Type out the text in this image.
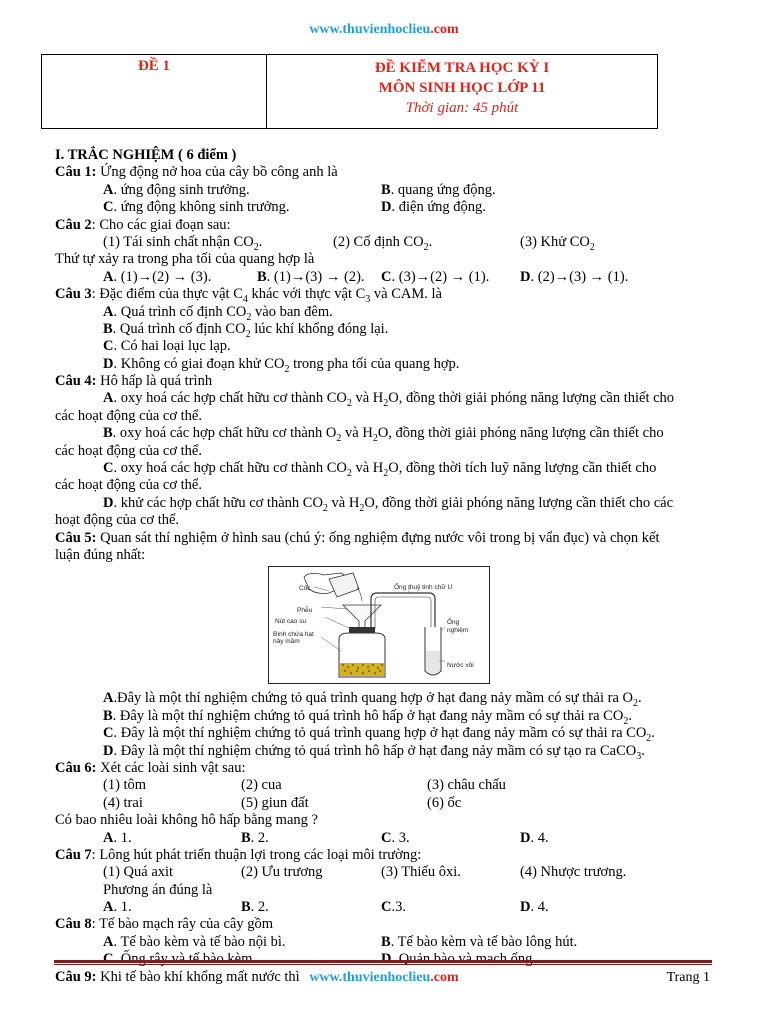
www.thuvienhoclieu.com
ĐỀ 1	ĐỀ KIỂM TRA HỌC KỲ I
MÔN SINH HỌC LỚP 11
Thời gian: 45 phút
I. TRẮC NGHIỆM ( 6 điểm )
Câu 1: Ứng động nở hoa của cây bồ công anh là
A. ứng động sinh trưởng.	B. quang ứng động.
C. ứng động không sinh trưởng.	D. điện ứng động.
Câu 2: Cho các giai đoạn sau:
(1) Tái sinh chất nhận $CO_2$.	(2) Cố định $CO_2$.	(3) Khử $CO_2$
Thứ tự xảy ra trong pha tối của quang hợp là
A. (1)→(2) → (3).	B. (1)→(3) → (2). C. (3)→(2) → (1). D. (2)→(3) → (1).
Câu 3: Đặc điểm của thực vật $C_4$ khác với thực vật $C_3$ và CAM. là
A. Quá trình cố định $CO_2$ vào ban đêm.
B. Quá trình cố định $CO_2$ lúc khí khổng đóng lại.
C. Có hai loại lục lạp.
D. Không có giai đoạn khử $CO_2$ trong pha tối của quang hợp.
Câu 4: Hô hấp là quá trình
A. oxy hoá các hợp chất hữu cơ thành $CO_2$ và $H_2O$, đồng thời giải phóng năng lượng cần thiết cho
các hoạt động của cơ thể.
B. oxy hoá các hợp chất hữu cơ thành $O_2$ và $H_2O$, đồng thời giải phóng năng lượng cần thiết cho
các hoạt động của cơ thể.
C. oxy hoá các hợp chất hữu cơ thành $CO_2$ và $H_2O$, đồng thời tích luỹ năng lượng cần thiết cho
các hoạt động của cơ thể.
D. khử các hợp chất hữu cơ thành $CO_2$ và $H_2O$, đồng thời giải phóng năng lượng cần thiết cho các
hoạt động của cơ thể.
Câu 5: Quan sát thí nghiệm ở hình sau (chú ý: ống nghiệm đựng nước vôi trong bị vẩn đục) và chọn kết
luận đúng nhất:
Cốc
Phễu
Nút cao su
Bình chứa hạt nảy mầm
Ống thuỷ tinh chữ U
Ống nghiệm
Nước vôi
A.Đây là một thí nghiệm chứng tỏ quá trình quang hợp ở hạt đang nảy mầm có sự thải ra $O_2$.
B. Đây là một thí nghiệm chứng tỏ quá trình hô hấp ở hạt đang nảy mầm có sự thải ra $CO_2$.
C. Đây là một thí nghiệm chứng tỏ quá trình quang hợp ở hạt đang nảy mầm có sự thải ra $CO_2$.
D. Đây là một thí nghiệm chứng tỏ quá trình hô hấp ở hạt đang nảy mầm có sự tạo ra CaCO$_3$.
Câu 6: Xét các loài sinh vật sau:
(1) tôm	(2) cua	(3) châu chấu
(4) trai	(5) giun đất	(6) ốc
Có bao nhiêu loài không hô hấp bằng mang ?
A. 1.	B. 2.	C. 3.	D. 4.
Câu 7: Lông hút phát triển thuận lợi trong các loại môi trường:
(1) Quá axit	(2) Ưu trương	(3) Thiếu ôxi.	(4) Nhược trương.
Phương án đúng là
A. 1.	B. 2.	C.3.	D. 4.
Câu 8: Tế bào mạch rây của cây gồm
A. Tế bào kèm và tế bào nội bì.	B. Tế bào kèm và tế bào lông hút.
C. Ống rây và tế bào kèm.	D. Quản bào và mạch ống.
Câu 9: Khi tế bào khí khổng mất nước thì www.thuvienhoclieu.com	Trang 1
